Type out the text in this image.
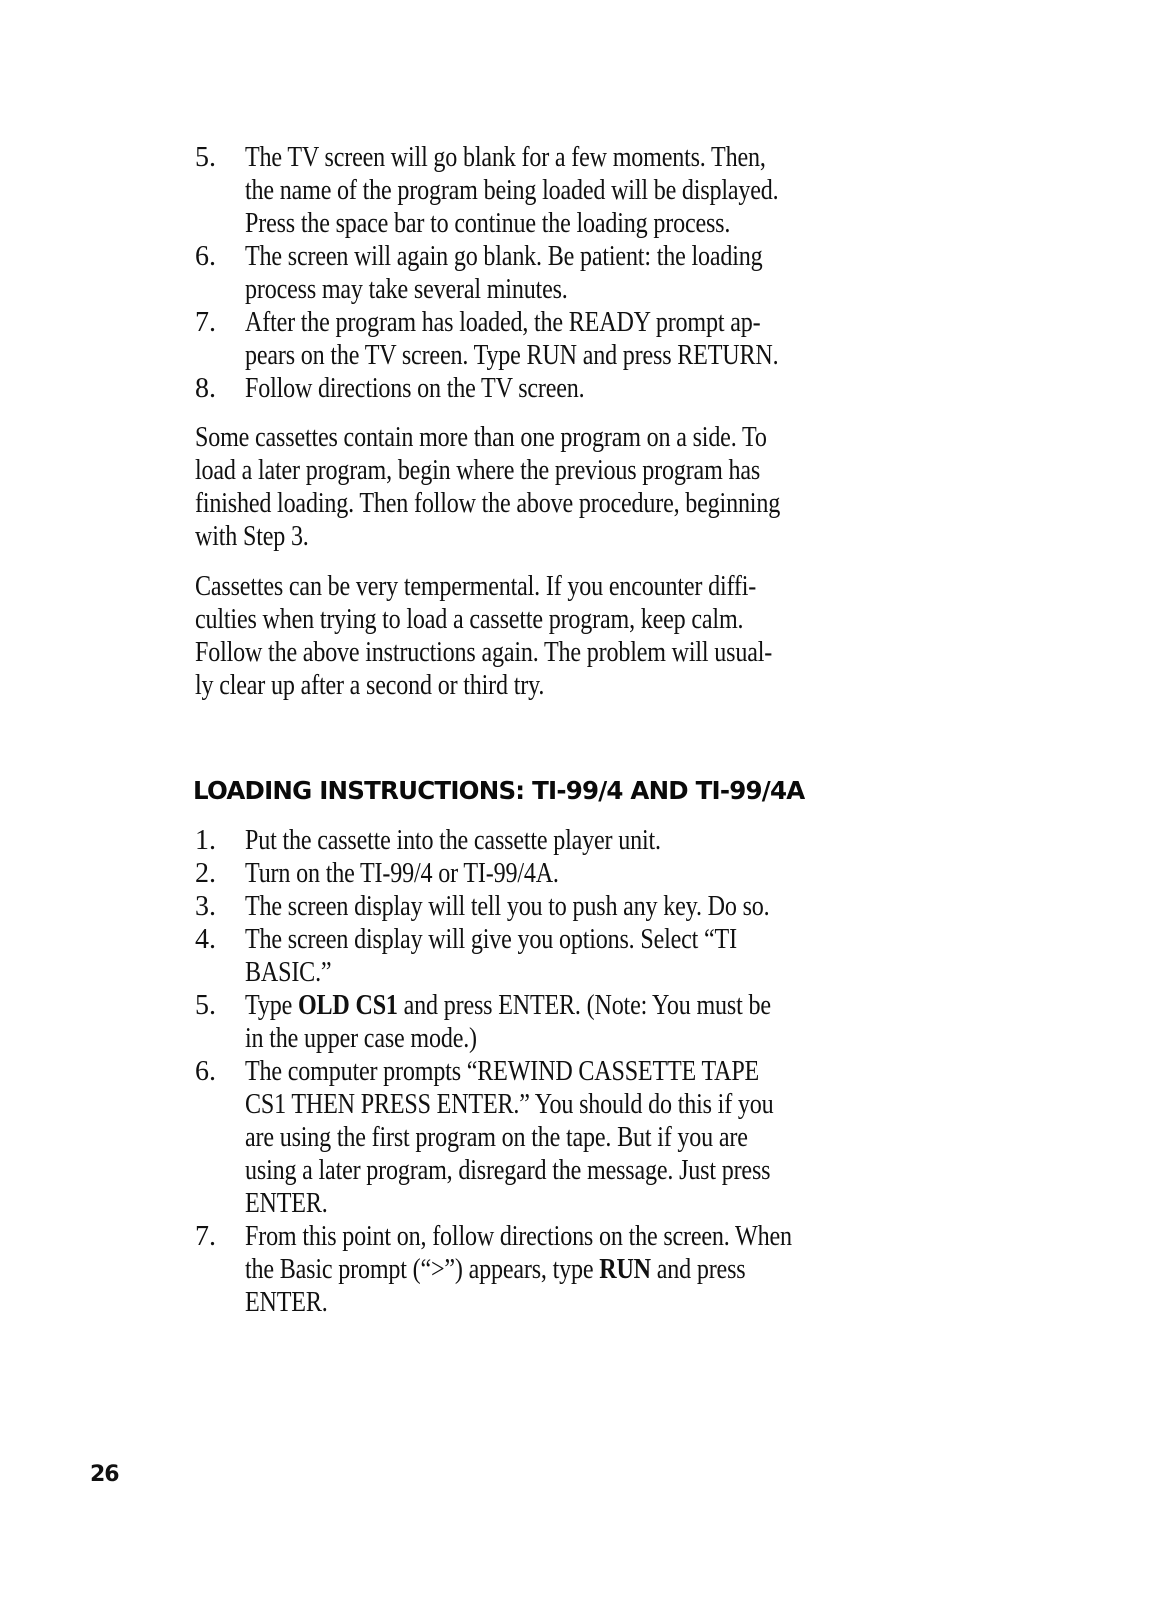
5. The TV screen will go blank for a few moments. Then,
the name of the program being loaded will be displayed.
Press the space bar to continue the loading process.
6. The screen will again go blank. Be patient: the loading
process may take several minutes.
7. After the program has loaded, the READY prompt ap-
pears on the TV screen. Type RUN and press RETURN.
8. Follow directions on the TV screen.
Some cassettes contain more than one program on a side. To
load a later program, begin where the previous program has
finished loading. Then follow the above procedure, beginning
with Step 3.
Cassettes can be very tempermental. If you encounter diffi-
culties when trying to load a cassette program, keep calm.
Follow the above instructions again. The problem will usual-
ly clear up after a second or third try.
LOADING INSTRUCTIONS: TI-99/4 AND TI-99/4A
1. Put the cassette into the cassette player unit.
2. Turn on the TI-99/4 or TI-99/4A.
3. The screen display will tell you to push any key. Do so.
4. The screen display will give you options. Select “TI
BASIC.”
5. Type OLD CS1 and press ENTER. (Note: You must be
in the upper case mode.)
6. The computer prompts “REWIND CASSETTE TAPE
CS1 THEN PRESS ENTER.” You should do this if you
are using the first program on the tape. But if you are
using a later program, disregard the message. Just press
ENTER.
7. From this point on, follow directions on the screen. When
the Basic prompt (“>”) appears, type RUN and press
ENTER.
26
